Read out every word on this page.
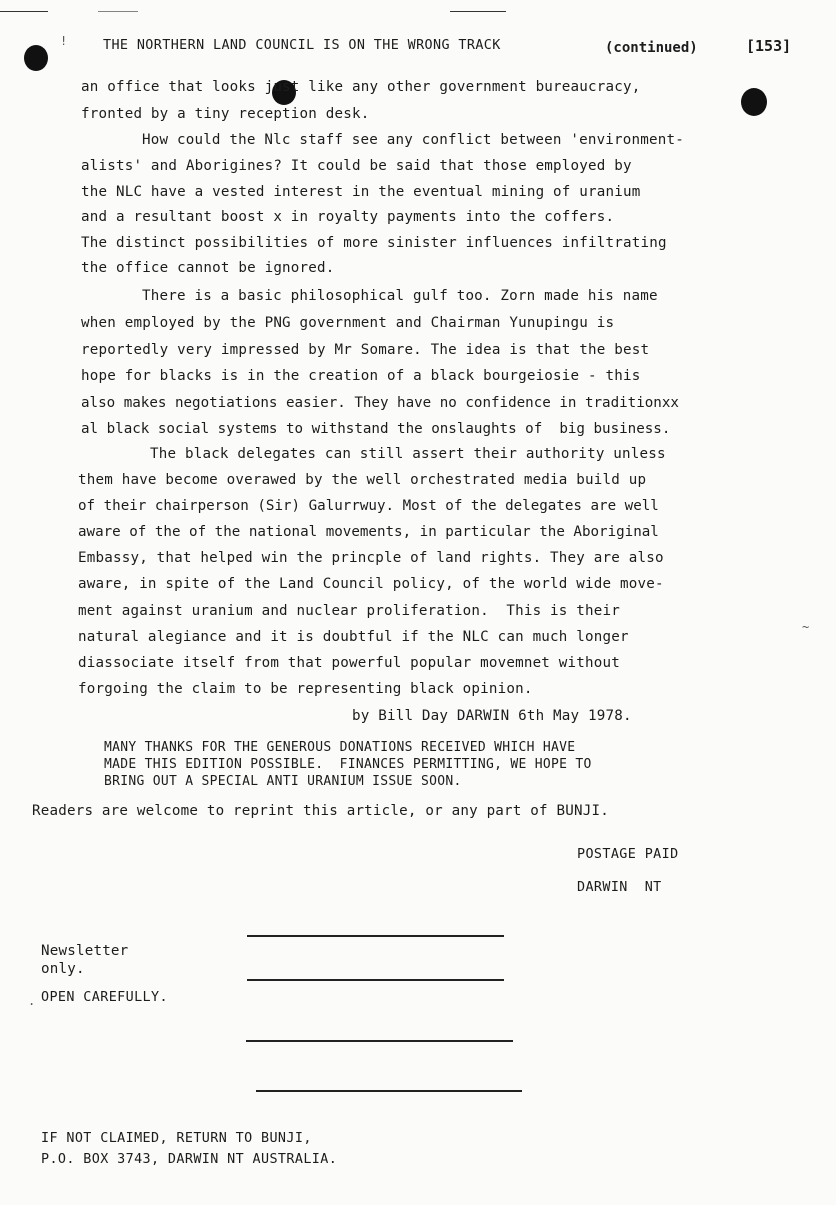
!
~
.
THE NORTHERN LAND COUNCIL IS ON THE WRONG TRACK	(continued)	[153]
an office that looks just like any other government bureaucracy,
fronted by a tiny reception desk.
How could the Nlc staff see any conflict between 'environment-
alists' and Aborigines? It could be said that those employed by
the NLC have a vested interest in the eventual mining of uranium
and a resultant boost x in royalty payments into the coffers.
The distinct possibilities of more sinister influences infiltrating
the office cannot be ignored.
There is a basic philosophical gulf too. Zorn made his name
when employed by the PNG government and Chairman Yunupingu is
reportedly very impressed by Mr Somare. The idea is that the best
hope for blacks is in the creation of a black bourgeiosie - this
also makes negotiations easier. They have no confidence in traditionxx
al black social systems to withstand the onslaughts of  big business.
The black delegates can still assert their authority unless
them have become overawed by the well orchestrated media build up
of their chairperson (Sir) Galurrwuy. Most of the delegates are well
aware of the of the national movements, in particular the Aboriginal
Embassy, that helped win the princple of land rights. They are also
aware, in spite of the Land Council policy, of the world wide move-
ment against uranium and nuclear proliferation.  This is their
natural alegiance and it is doubtful if the NLC can much longer
diassociate itself from that powerful popular movemnet without
forgoing the claim to be representing black opinion.
by Bill Day DARWIN 6th May 1978.
MANY THANKS FOR THE GENEROUS DONATIONS RECEIVED WHICH HAVE
MADE THIS EDITION POSSIBLE.  FINANCES PERMITTING, WE HOPE TO
BRING OUT A SPECIAL ANTI URANIUM ISSUE SOON.
Readers are welcome to reprint this article, or any part of BUNJI.
POSTAGE PAID
DARWIN  NT
Newsletter
only.
OPEN CAREFULLY.
IF NOT CLAIMED, RETURN TO BUNJI,
P.O. BOX 3743, DARWIN NT AUSTRALIA.
